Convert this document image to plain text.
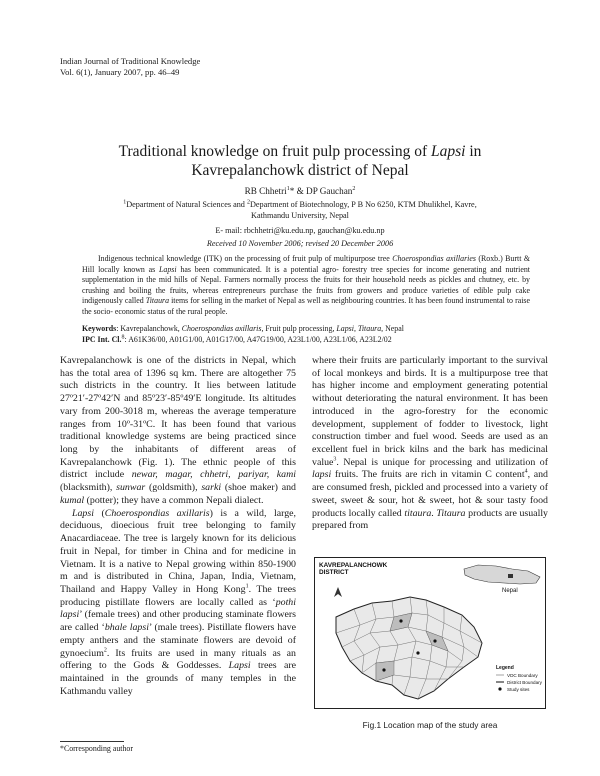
Indian Journal of Traditional Knowledge
Vol. 6(1), January 2007, pp. 46–49
Traditional knowledge on fruit pulp processing of Lapsi in
Kavrepalanchowk district of Nepal
RB Chhetri$^1$* & DP Gauchan$^2$
$^1$Department of Natural Sciences and $^2$Department of Biotechnology, P B No 6250, KTM Dhulikhel, Kavre,
Kathmandu University, Nepal
E- mail: rbchhetri@ku.edu.np, gauchan@ku.edu.np
Received 10 November 2006; revised 20 December 2006
Indigenous technical knowledge (ITK) on the processing of fruit pulp of multipurpose tree Choerospondias axillaries (Roxb.) Burtt & Hill locally known as Lapsi has been communicated. It is a potential agro- forestry tree species for income generating and nutrient supplementation in the mid hills of Nepal. Farmers normally process the fruits for their household needs as pickles and chutney, etc. by crushing and boiling the fruits, whereas entrepreneurs purchase the fruits from growers and produce varieties of edible pulp cake indigenously called Titaura items for selling in the market of Nepal as well as neighbouring countries. It has been found instrumental to raise the socio- economic status of the rural people.
Keywords: Kavrepalanchowk, Choerospondias axillaris, Fruit pulp processing, Lapsi, Titaura, Nepal
IPC Int. Cl.$^8$: A61K36/00, A01G1/00, A01G17/00, A47G19/00, A23L1/00, A23L1/06, A23L2/02

Kavrepalanchowk is one of the districts in Nepal, which has the total area of 1396 sq km. There are altogether 75 such districts in the country. It lies between latitude 27º21′-27º42′N and 85º23′-85º49′E longitude. Its altitudes vary from 200-3018 m, whereas the average temperature ranges from 10º-31ºC. It has been found that various traditional knowledge systems are being practiced since long by the inhabitants of different areas of Kavrepalanchowk (Fig. 1). The ethnic people of this district include newar, magar, chhetri, pariyar, kami (blacksmith), sunwar (goldsmith), sarki (shoe maker) and kumal (potter); they have a common Nepali dialect.

Lapsi (Choerospondias axillaris) is a wild, large, deciduous, dioecious fruit tree belonging to family Anacardiaceae. The tree is largely known for its delicious fruit in Nepal, for timber in China and for medicine in Vietnam. It is a native to Nepal growing within 850-1900 m and is distributed in China, Japan, India, Vietnam, Thailand and Happy Valley in Hong Kong$^1$. The trees producing pistillate flowers are locally called as ‘pothi lapsi’ (female trees) and other producing staminate flowers are called ‘bhale lapsi’ (male trees). Pistillate flowers have empty anthers and the staminate flowers are devoid of gynoecium$^2$. Its fruits are used in many rituals as an offering to the Gods & Goddesses. Lapsi trees are maintained in the grounds of many temples in the Kathmandu valley

where their fruits are particularly important to the survival of local monkeys and birds. It is a multipurpose tree that has higher income and employment generating potential without deteriorating the natural environment. It has been introduced in the agro-forestry for the economic development, supplement of fodder to livestock, light construction timber and fuel wood. Seeds are used as an excellent fuel in brick kilns and the bark has medicinal value$^3$. Nepal is unique for processing and utilization of lapsi fruits. The fruits are rich in vitamin C content$^4$, and are consumed fresh, pickled and processed into a variety of sweet, sweet & sour, hot & sweet, hot & sour tasty food products locally called titaura. Titaura products are usually prepared from

KAVREPALANCHOWK
DISTRICT
Nepal
Legend
VDC Boundary
District Boundary
Study sites
Fig.1 Location map of the study area
*Corresponding author
